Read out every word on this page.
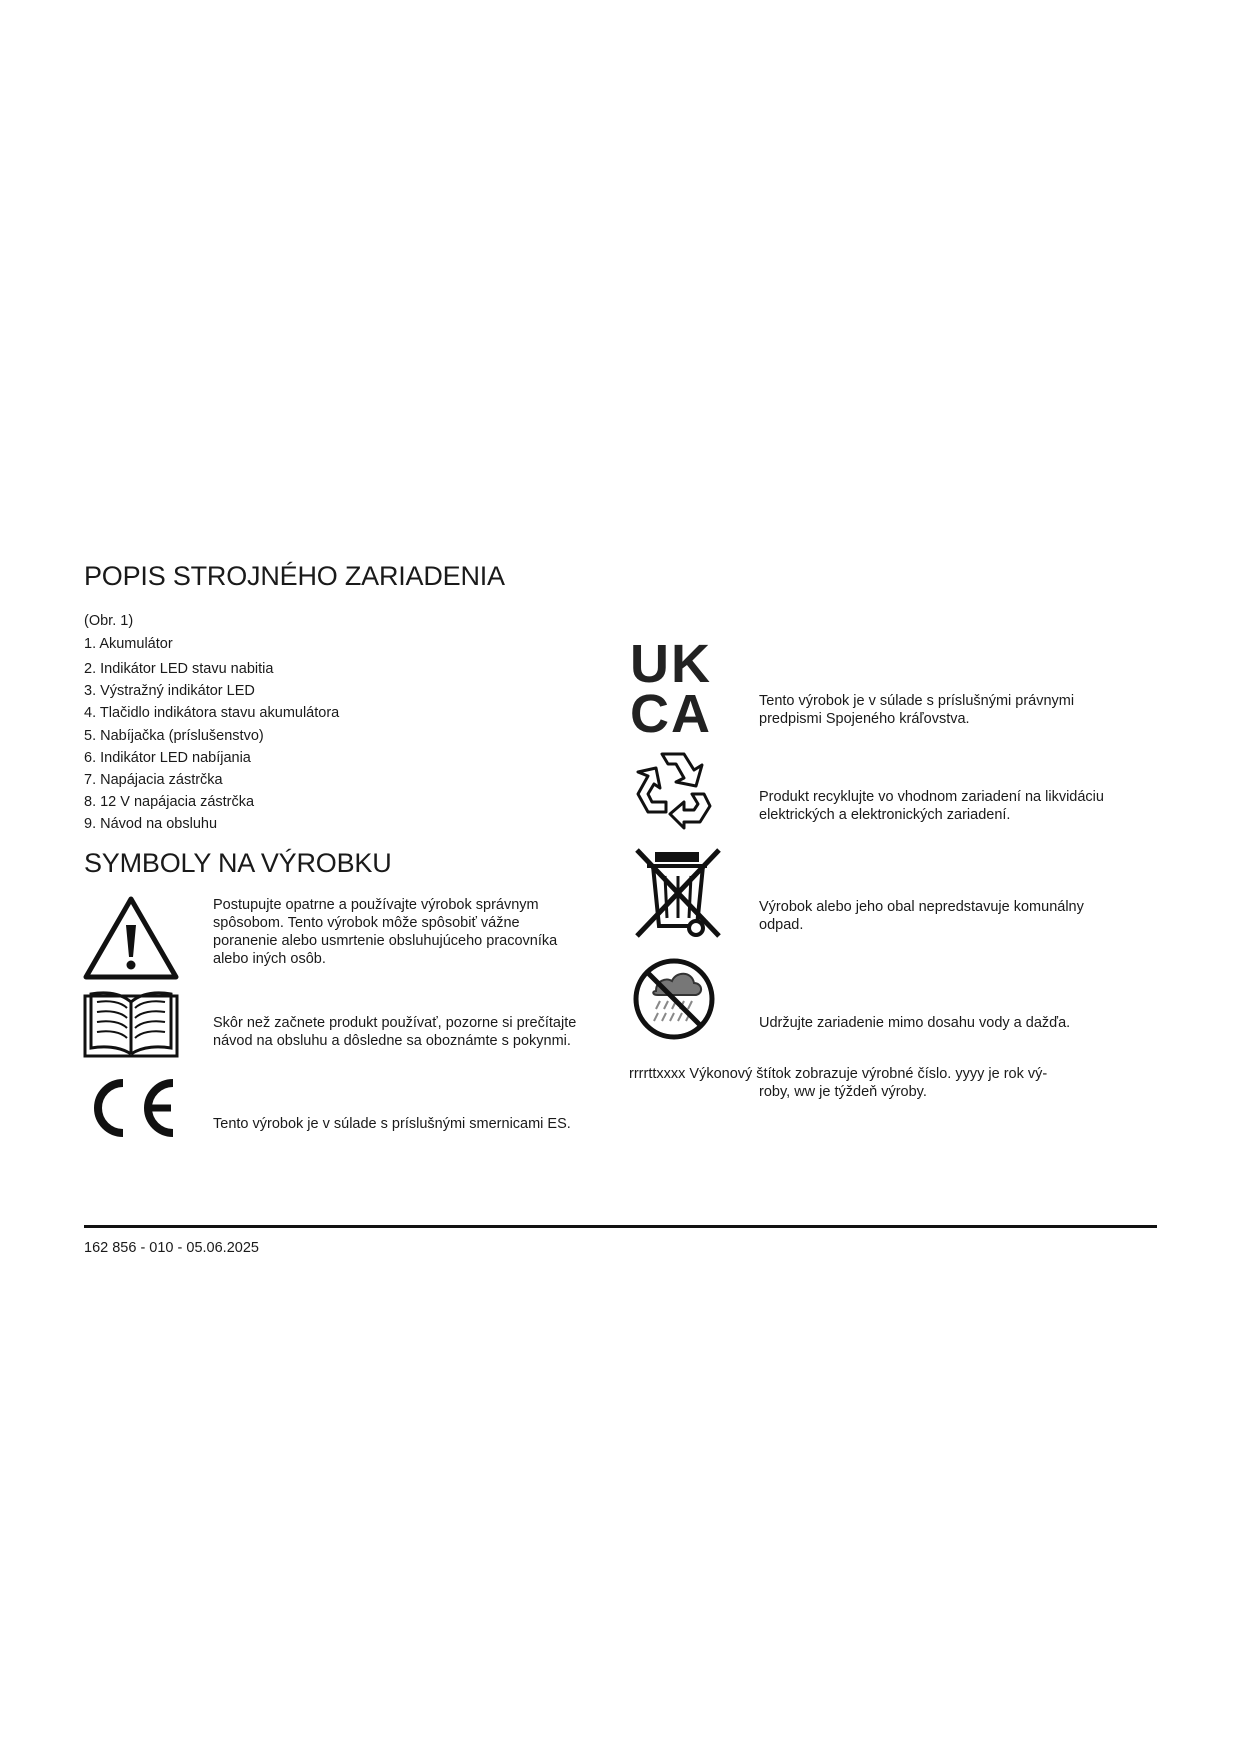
POPIS STROJNÉHO ZARIADENIA
(Obr. 1)
1. Akumulátor
2. Indikátor LED stavu nabitia
3. Výstražný indikátor LED
4. Tlačidlo indikátora stavu akumulátora
5. Nabíjačka (príslušenstvo)
6. Indikátor LED nabíjania
7. Napájacia zástrčka
8. 12 V napájacia zástrčka
9. Návod na obsluhu
SYMBOLY NA VÝROBKU
Postupujte opatrne a používajte výrobok správnym
spôsobom. Tento výrobok môže spôsobiť vážne
poranenie alebo usmrtenie obsluhujúceho pracovníka
alebo iných osôb.
Skôr než začnete produkt používať, pozorne si prečítajte
návod na obsluhu a dôsledne sa oboznámte s pokynmi.
Tento výrobok je v súlade s príslušnými smernicami ES.
UK
CA	Tento výrobok je v súlade s príslušnými právnymi
predpismi Spojeného kráľovstva.
Produkt recyklujte vo vhodnom zariadení na likvidáciu
elektrických a elektronických zariadení.
Výrobok alebo jeho obal nepredstavuje komunálny
odpad.
Udržujte zariadenie mimo dosahu vody a dažďa.
rrrrttxxxx Výkonový štítok zobrazuje výrobné číslo. yyyy je rok vý-
roby, ww je týždeň výroby.
162 856 - 010 - 05.06.2025
